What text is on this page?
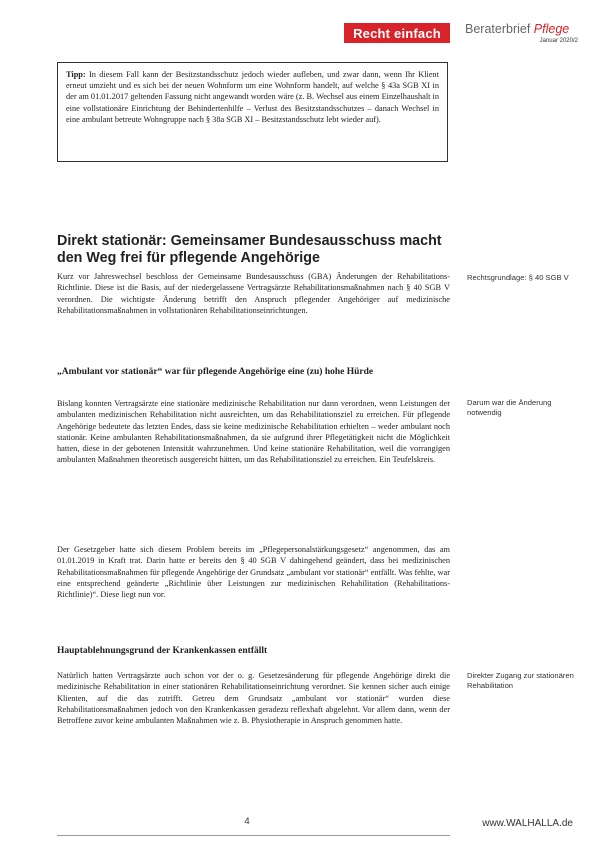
Recht einfach	Beraterbrief Pflege
Januar 2020/2
Tipp: In diesem Fall kann der Besitzstandsschutz jedoch wieder aufleben, und zwar dann, wenn Ihr Klient erneut umzieht und es sich bei der neuen Wohnform um eine Wohnform handelt, auf welche § 43a SGB XI in der am 01.01.2017 geltenden Fassung nicht angewandt worden wäre (z. B. Wechsel aus einem Einzelhaushalt in eine vollstationäre Einrichtung der Behindertenhilfe – Verlust des Besitzstandsschutzes – danach Wechsel in eine ambulant betreute Wohngruppe nach § 38a SGB XI – Besitzstandsschutz lebt wieder auf).
Direkt stationär: Gemeinsamer Bundesausschuss macht den Weg frei für pflegende Angehörige
Kurz vor Jahreswechsel beschloss der Gemeinsame Bundesausschuss (GBA) Änderungen der Rehabilitations-Richtlinie. Diese ist die Basis, auf der niedergelassene Vertragsärzte Rehabilitationsmaßnahmen nach § 40 SGB V verordnen. Die wichtigste Änderung betrifft den Anspruch pflegender Angehöriger auf medizinische Rehabilitationsmaßnahmen in vollstationären Rehabilitationseinrichtungen.
Rechtsgrundlage: § 40 SGB V
„Ambulant vor stationär“ war für pflegende Angehörige eine (zu) hohe Hürde
Bislang konnten Vertragsärzte eine stationäre medizinische Rehabilitation nur dann verordnen, wenn Leistungen der ambulanten medizinischen Rehabilitation nicht ausreichten, um das Rehabilitationsziel zu erreichen. Für pflegende Angehörige bedeutete das letzten Endes, dass sie keine medizinische Rehabilitation erhielten – weder ambulant noch stationär. Keine ambulanten Rehabilitationsmaßnahmen, da sie aufgrund ihrer Pflegetätigkeit nicht die Möglichkeit hatten, diese in der gebotenen Intensität wahrzunehmen. Und keine stationäre Rehabilitation, weil die vorrangigen ambulanten Maßnahmen theoretisch ausgereicht hätten, um das Rehabilitationsziel zu erreichen. Ein Teufelskreis.
Darum war die Änderung notwendig
Der Gesetzgeber hatte sich diesem Problem bereits im „Pflegepersonalstärkungsgesetz“ angenommen, das am 01.01.2019 in Kraft trat. Darin hatte er bereits den § 40 SGB V dahingehend geändert, dass bei medizinischen Rehabilitationsmaßnahmen für pflegende Angehörige der Grundsatz „ambulant vor stationär“ entfällt. Was fehlte, war eine entsprechend geänderte „Richtlinie über Leistungen zur medizinischen Rehabilitation (Rehabilitations-Richtlinie)“. Diese liegt nun vor.
Hauptablehnungsgrund der Krankenkassen entfällt
Natürlich hatten Vertragsärzte auch schon vor der o. g. Gesetzesänderung für pflegende Angehörige direkt die medizinische Rehabilitation in einer stationären Rehabilitationseinrichtung verordnet. Sie kennen sicher auch einige Klienten, auf die das zutrifft. Getreu dem Grundsatz „ambulant vor stationär“ wurden diese Rehabilitationsmaßnahmen jedoch von den Krankenkassen geradezu reflexhaft abgelehnt. Vor allem dann, wenn der Betroffene zuvor keine ambulanten Maßnahmen wie z. B. Physiotherapie in Anspruch genommen hatte.
Direkter Zugang zur stationären Rehabilitation
4	www.WALHALLA.de
